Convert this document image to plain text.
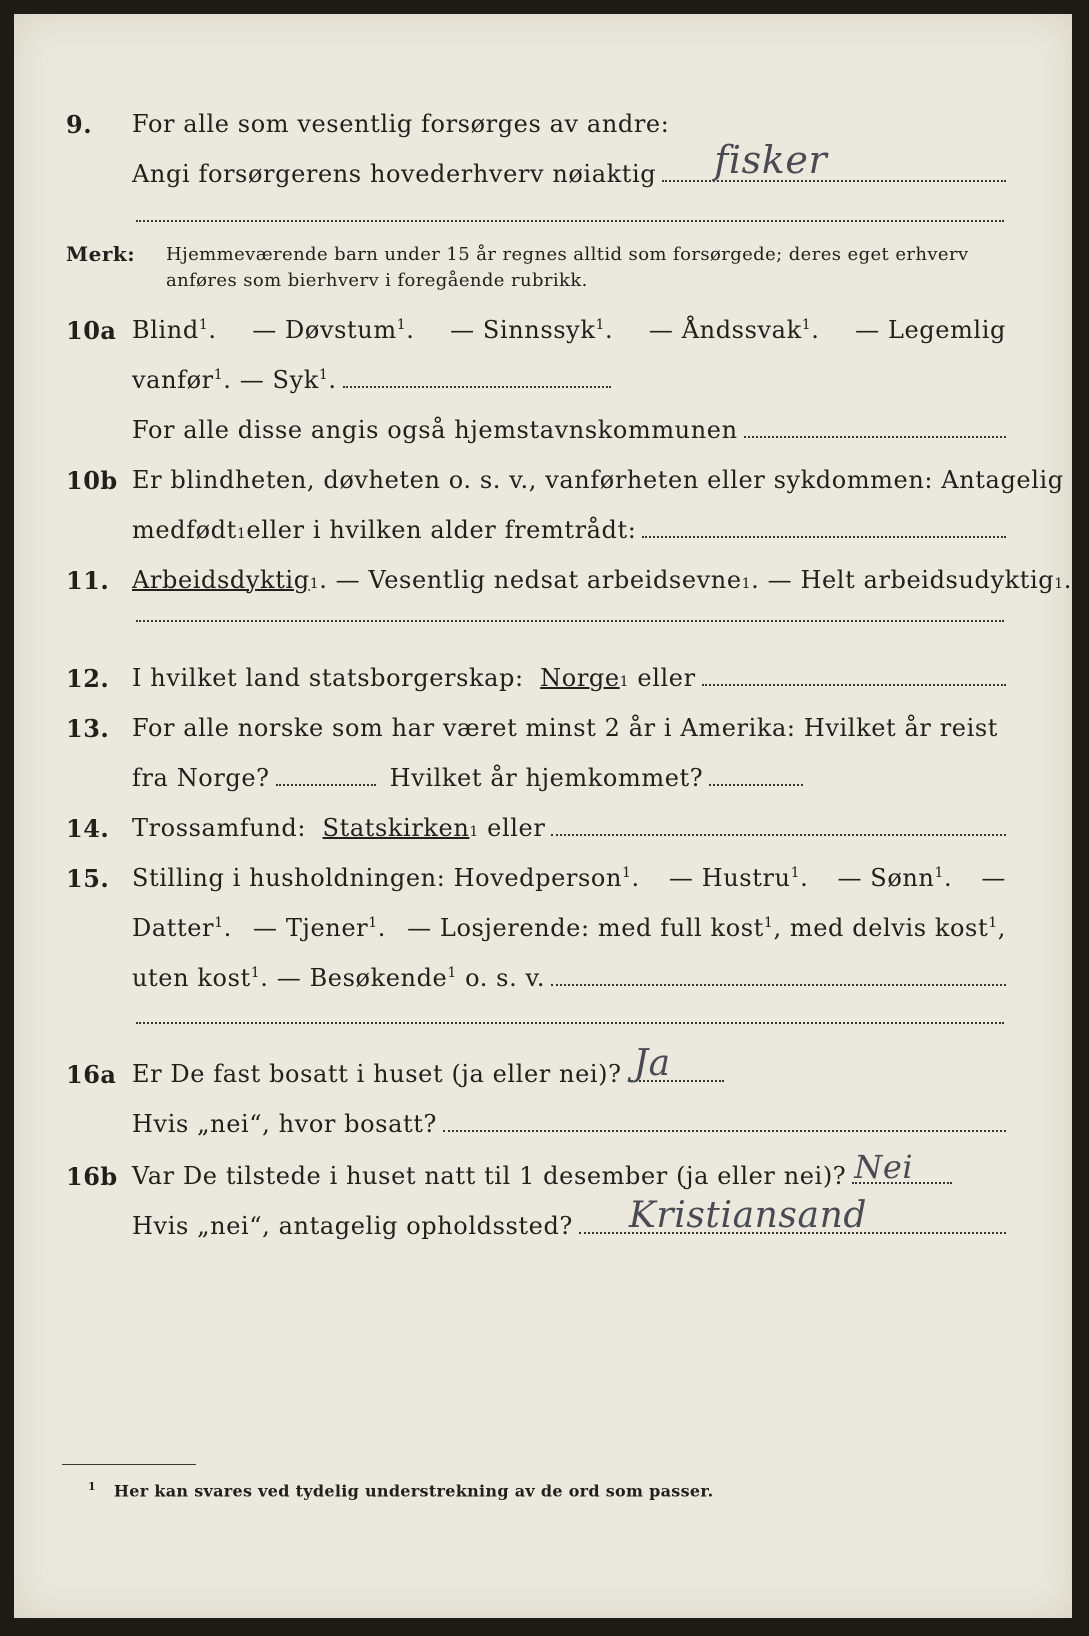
9. For alle som vesentlig forsørges av andre:
Angi forsørgerens hovederhverv nøiaktig fisker
Merk: Hjemmeværende barn under 15 år regnes alltid som forsørgede; deres eget erhverv
anføres som bierhverv i foregående rubrikk.
10a Blind$^1$. — Døvstum$^1$. — Sinnssyk$^1$. — Åndssvak$^1$. — Legemlig
vanfør$^1$. — Syk$^1$.
For alle disse angis også hjemstavnskommunen
10b Er blindheten, døvheten o. s. v., vanførheten eller sykdommen: Antagelig
medfødt 1 eller i hvilken alder fremtrådt:
11. Arbeidsdyktig 1 . — Vesentlig nedsat arbeidsevne 1 . — Helt arbeidsudyktig 1 .
12. I hvilket land statsborgerskap:
Norge 1
eller
13. For alle norske som har været minst 2 år i Amerika: Hvilket år reist
fra Norge?	Hvilket år hjemkommet?
14. Trossamfund:
Statskirken 1
eller
15. Stilling i husholdningen: Hovedperson$^1$. — Hustru$^1$. — Sønn$^1$. —
Datter$^1$. — Tjener$^1$. — Losjerende: med full kost$^1$, med delvis kost$^1$,
uten kost$^1$. — Besøkende$^1$ o. s. v.
16a Er De fast bosatt i huset (ja eller nei)? Ja
Hvis „nei“, hvor bosatt?
16b Var De tilstede i huset natt til 1 desember (ja eller nei)? Nei
Hvis „nei“, antagelig opholdssted? Kristiansand
$^1$ Her kan svares ved tydelig understrekning av de ord som passer.
